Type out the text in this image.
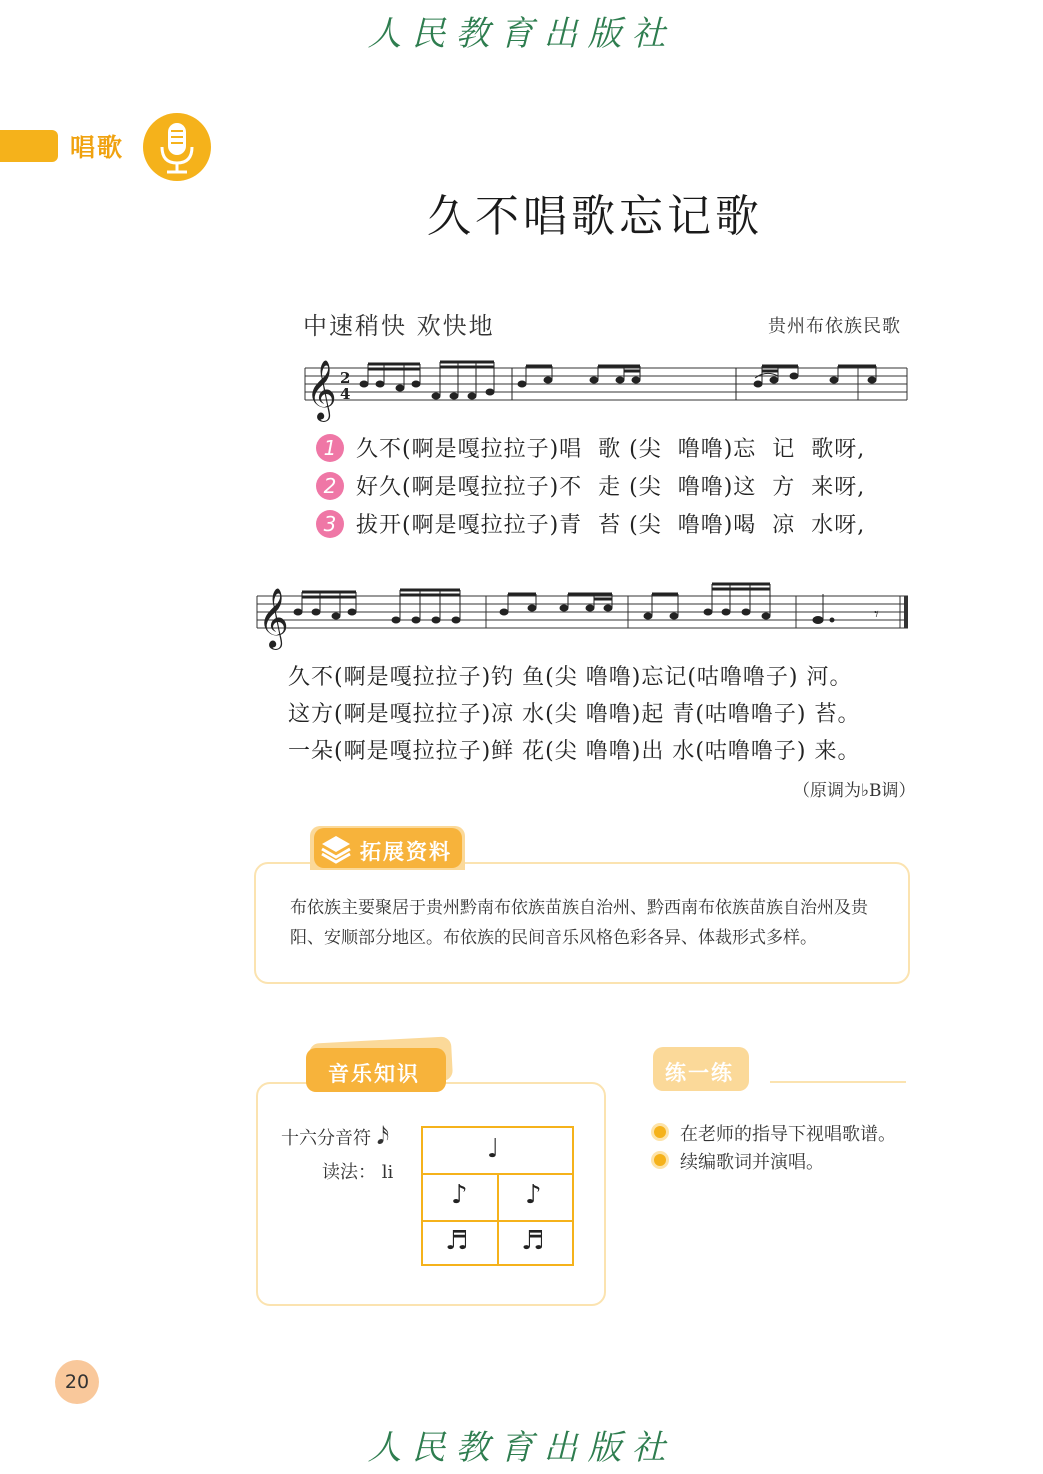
人民教育出版社
唱歌
久不唱歌忘记歌
中速稍快 欢快地	贵州布依族民歌
𝄞 2
4
1 久不(啊是嘎拉拉子)唱  歌 (尖  噜噜)忘  记  歌呀,
2 好久(啊是嘎拉拉子)不  走 (尖  噜噜)这  方  来呀,
3 拔开(啊是嘎拉拉子)青  苔 (尖  噜噜)喝  凉  水呀,
𝄞	𝄾
久不(啊是嘎拉拉子)钓 鱼(尖 噜噜)忘记(咕噜噜子) 河。
这方(啊是嘎拉拉子)凉 水(尖 噜噜)起 青(咕噜噜子) 苔。
一朵(啊是嘎拉拉子)鲜 花(尖 噜噜)出 水(咕噜噜子) 来。
（原调为♭B调）
拓展资料
布依族主要聚居于贵州黔南布依族苗族自治州、黔西南布依族苗族自治州及贵阳、安顺部分地区。布依族的民间音乐风格色彩各异、体裁形式多样。
音乐知识
十六分音符 𝅘𝅥𝅯
读法： li
♩
♪ ♪
♬ ♬
练一练
在老师的指导下视唱歌谱。
续编歌词并演唱。
20
人民教育出版社
